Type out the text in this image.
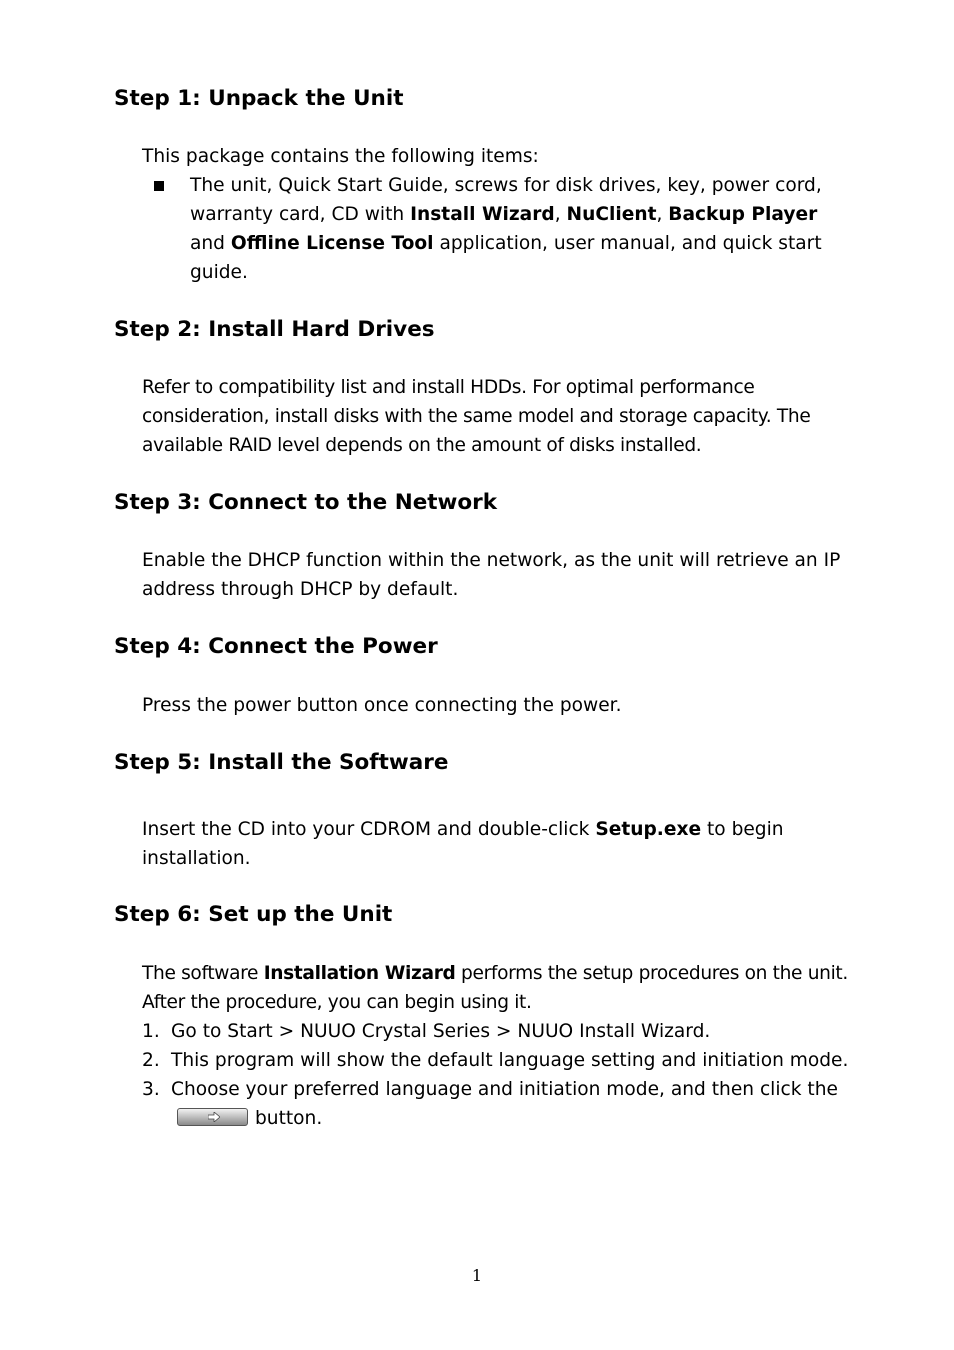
Step 1: Unpack the Unit

This package contains the following items:

The unit, Quick Start Guide, screws for disk drives, key, power cord, warranty card, CD with Install Wizard, NuClient, Backup Player and Offline License Tool application, user manual, and quick start guide.
Step 2: Install Hard Drives

Refer to compatibility list and install HDDs. For optimal performance consideration, install disks with the same model and storage capacity. The available RAID level depends on the amount of disks installed.

Step 3: Connect to the Network

Enable the DHCP function within the network, as the unit will retrieve an IP address through DHCP by default.

Step 4: Connect the Power

Press the power button once connecting the power.

Step 5: Install the Software

Insert the CD into your CDROM and double-click Setup.exe to begin installation.

Step 6: Set up the Unit

The software Installation Wizard performs the setup procedures on the unit. After the procedure, you can begin using it.

1. Go to Start > NUUO Crystal Series > NUUO Install Wizard.
2. This program will show the default language setting and initiation mode.
3. Choose your preferred language and initiation mode, and then click the
button.
1
